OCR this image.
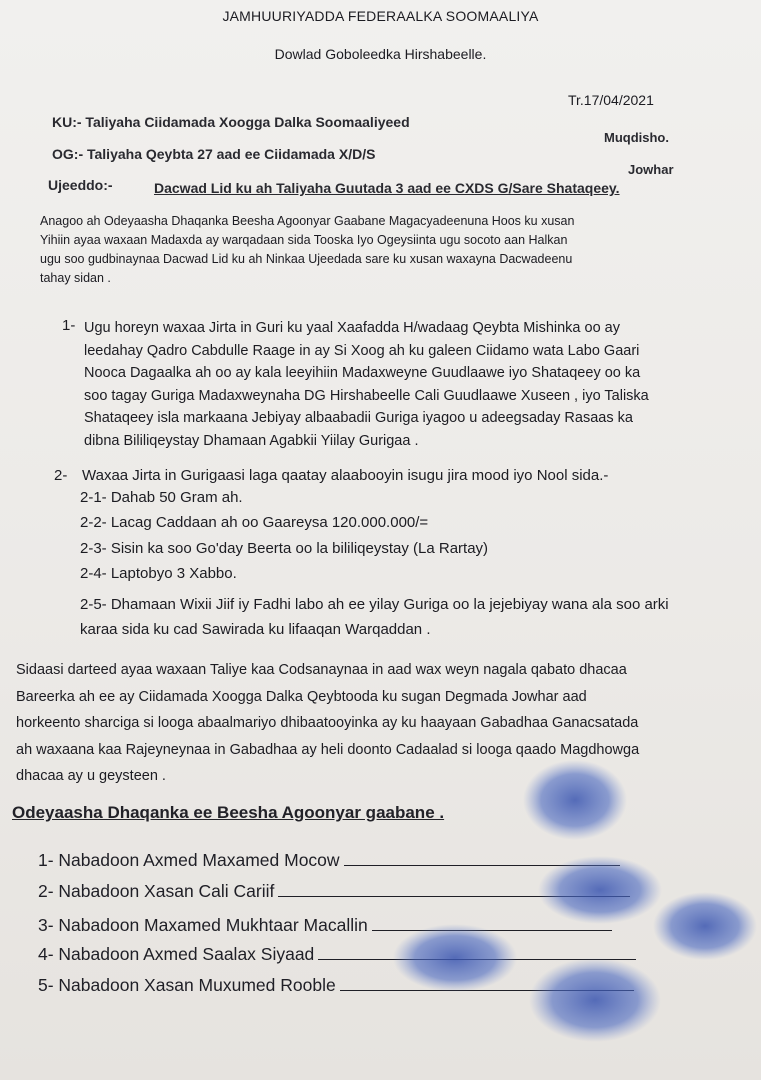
JAMHUURIYADDA FEDERAALKA SOOMAALIYA
Dowlad Goboleedka Hirshabeelle.
Tr.17/04/2021
KU:- Taliyaha Ciidamada Xoogga Dalka Soomaaliyeed
Muqdisho.
OG:- Taliyaha Qeybta 27 aad ee Ciidamada X/D/S
Jowhar
Ujeeddo:-	Dacwad Lid ku ah Taliyaha Guutada 3 aad ee CXDS G/Sare Shataqeey.
Anagoo ah Odeyaasha Dhaqanka Beesha Agoonyar Gaabane Magacyadeenuna Hoos ku xusan
Yihiin ayaa waxaan Madaxda ay warqadaan sida Tooska Iyo Ogeysiinta ugu socoto aan Halkan
ugu soo gudbinaynaa Dacwad Lid ku ah Ninkaa Ujeedada sare ku xusan waxayna Dacwadeenu
tahay sidan .
1- Ugu horeyn waxaa Jirta in Guri ku yaal Xaafadda H/wadaag Qeybta Mishinka oo ay
leedahay Qadro Cabdulle Raage in ay Si Xoog ah ku galeen Ciidamo wata Labo Gaari
Nooca Dagaalka ah oo ay kala leeyihiin Madaxweyne Guudlaawe iyo Shataqeey oo ka
soo tagay Guriga Madaxweynaha DG Hirshabeelle Cali Guudlaawe Xuseen , iyo Taliska
Shataqeey isla markaana Jebiyay albaabadii Guriga iyagoo u adeegsaday Rasaas ka
dibna Bililiqeystay Dhamaan Agabkii Yiilay Gurigaa .
2- Waxaa Jirta in Gurigaasi laga qaatay alaabooyin isugu jira mood iyo Nool sida.-
2-1- Dahab 50 Gram ah.
2-2- Lacag Caddaan ah oo Gaareysa 120.000.000/=
2-3- Sisin ka soo Go'day Beerta oo la bililiqeystay (La Rartay)
2-4- Laptobyo 3 Xabbo.
2-5- Dhamaan Wixii Jiif iy Fadhi labo ah ee yilay Guriga oo la jejebiyay wana ala soo arki
karaa sida ku cad Sawirada ku lifaaqan Warqaddan .
Sidaasi darteed ayaa waxaan Taliye kaa Codsanaynaa in aad wax weyn nagala qabato dhacaa
Bareerka ah ee ay Ciidamada Xoogga Dalka Qeybtooda ku sugan Degmada Jowhar aad
horkeento sharciga si looga abaalmariyo dhibaatooyinka ay ku haayaan Gabadhaa Ganacsatada
ah waxaana kaa Rajeyneynaa in Gabadhaa ay heli doonto Cadaalad si looga qaado Magdhowga
dhacaa ay u geysteen .
Odeyaasha Dhaqanka ee Beesha Agoonyar gaabane .
1- Nabadoon Axmed Maxamed Mocow
2- Nabadoon Xasan Cali Cariif
3- Nabadoon Maxamed Mukhtaar Macallin
4- Nabadoon Axmed Saalax Siyaad
5- Nabadoon Xasan Muxumed Rooble
